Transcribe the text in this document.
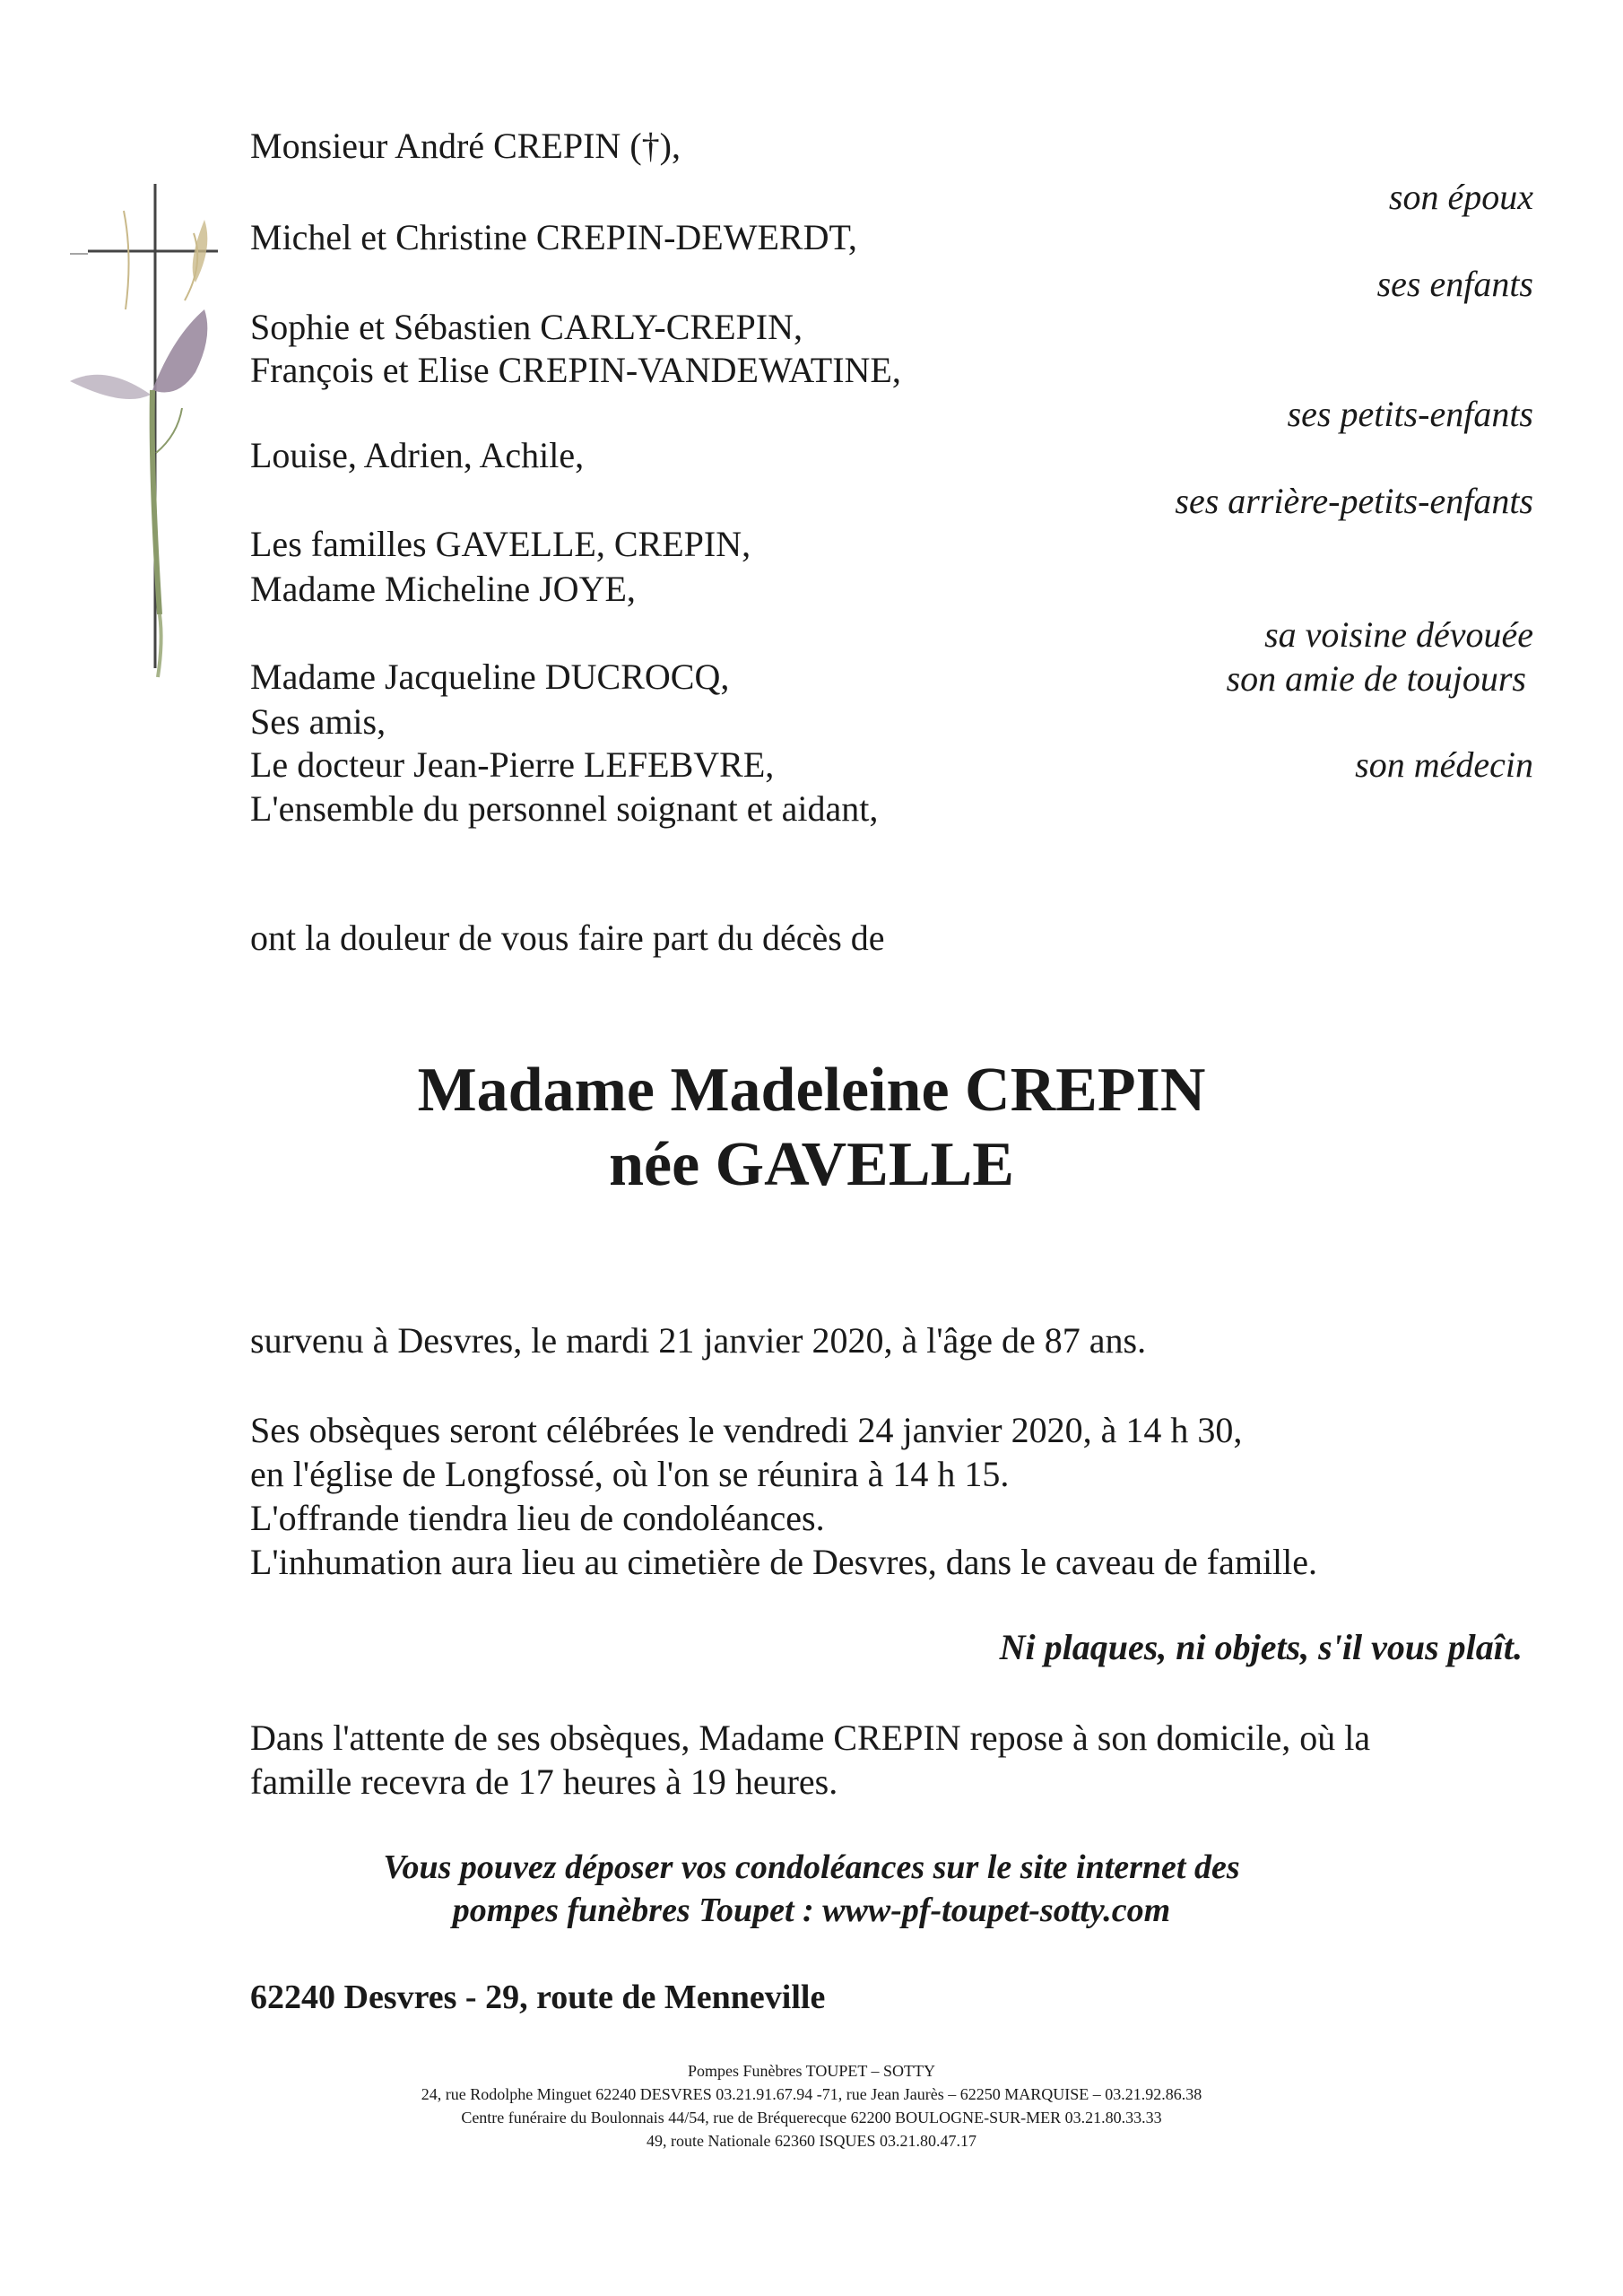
Monsieur André CREPIN (†),
Michel et Christine CREPIN-DEWERDT,
Sophie et Sébastien CARLY-CREPIN,
François et Elise CREPIN-VANDEWATINE,
Louise, Adrien, Achile,
Les familles GAVELLE, CREPIN,
Madame Micheline JOYE,
Madame Jacqueline DUCROCQ,
Ses amis,
Le docteur Jean-Pierre LEFEBVRE,
L'ensemble du personnel soignant et aidant,
son époux
ses enfants
ses petits-enfants
ses arrière-petits-enfants
sa voisine dévouée
son amie de toujours
son médecin
ont la douleur de vous faire part du décès de
Madame Madeleine CREPIN
née GAVELLE
survenu à Desvres, le mardi 21 janvier 2020, à l'âge de 87 ans.
Ses obsèques seront célébrées le vendredi 24 janvier 2020, à 14 h 30,
en l'église de Longfossé, où l'on se réunira à 14 h 15.
L'offrande tiendra lieu de condoléances.
L'inhumation aura lieu au cimetière de Desvres, dans le caveau de famille.
Ni plaques, ni objets, s'il vous plaît.
Dans l'attente de ses obsèques, Madame CREPIN repose à son domicile, où la
famille recevra de 17 heures à 19 heures.
Vous pouvez déposer vos condoléances sur le site internet des
pompes funèbres Toupet : www-pf-toupet-sotty.com
62240 Desvres - 29, route de Menneville
Pompes Funèbres TOUPET – SOTTY
24, rue Rodolphe Minguet 62240 DESVRES 03.21.91.67.94 -71, rue Jean Jaurès – 62250 MARQUISE – 03.21.92.86.38
Centre funéraire du Boulonnais 44/54, rue de Bréquerecque 62200 BOULOGNE-SUR-MER 03.21.80.33.33
49, route Nationale 62360 ISQUES 03.21.80.47.17
